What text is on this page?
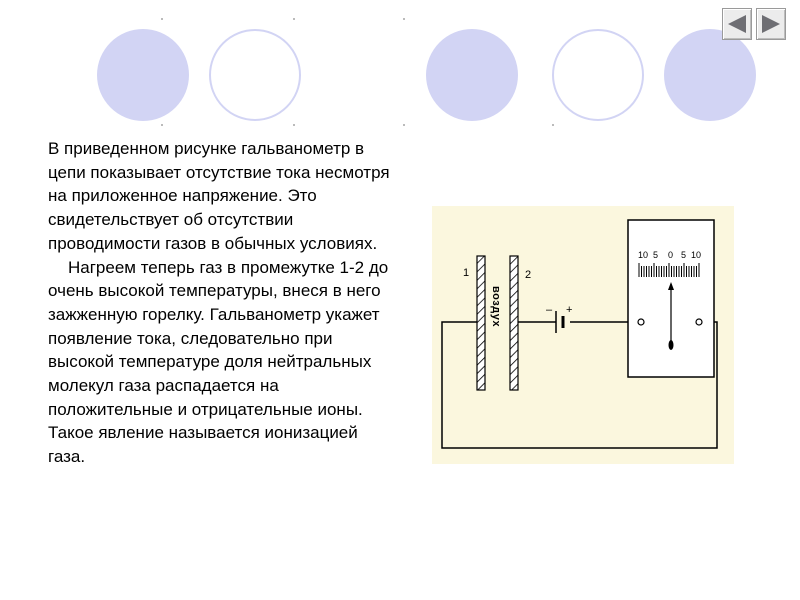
В приведенном рисунке гальванометр в цепи показывает отсутствие тока несмотря на приложенное напряжение. Это свидетельствует об отсутствии проводимости газов в обычных условиях.

Нагреем теперь газ в промежутке 1-2 до очень высокой температуры, внеся в него зажженную горелку. Гальванометр укажет появление тока, следовательно при высокой температуре доля нейтральных молекул газа распадается на положительные и отрицательные ионы. Такое явление называется ионизацией газа.

1	2
воздух	– +
10 5 0 5 10
